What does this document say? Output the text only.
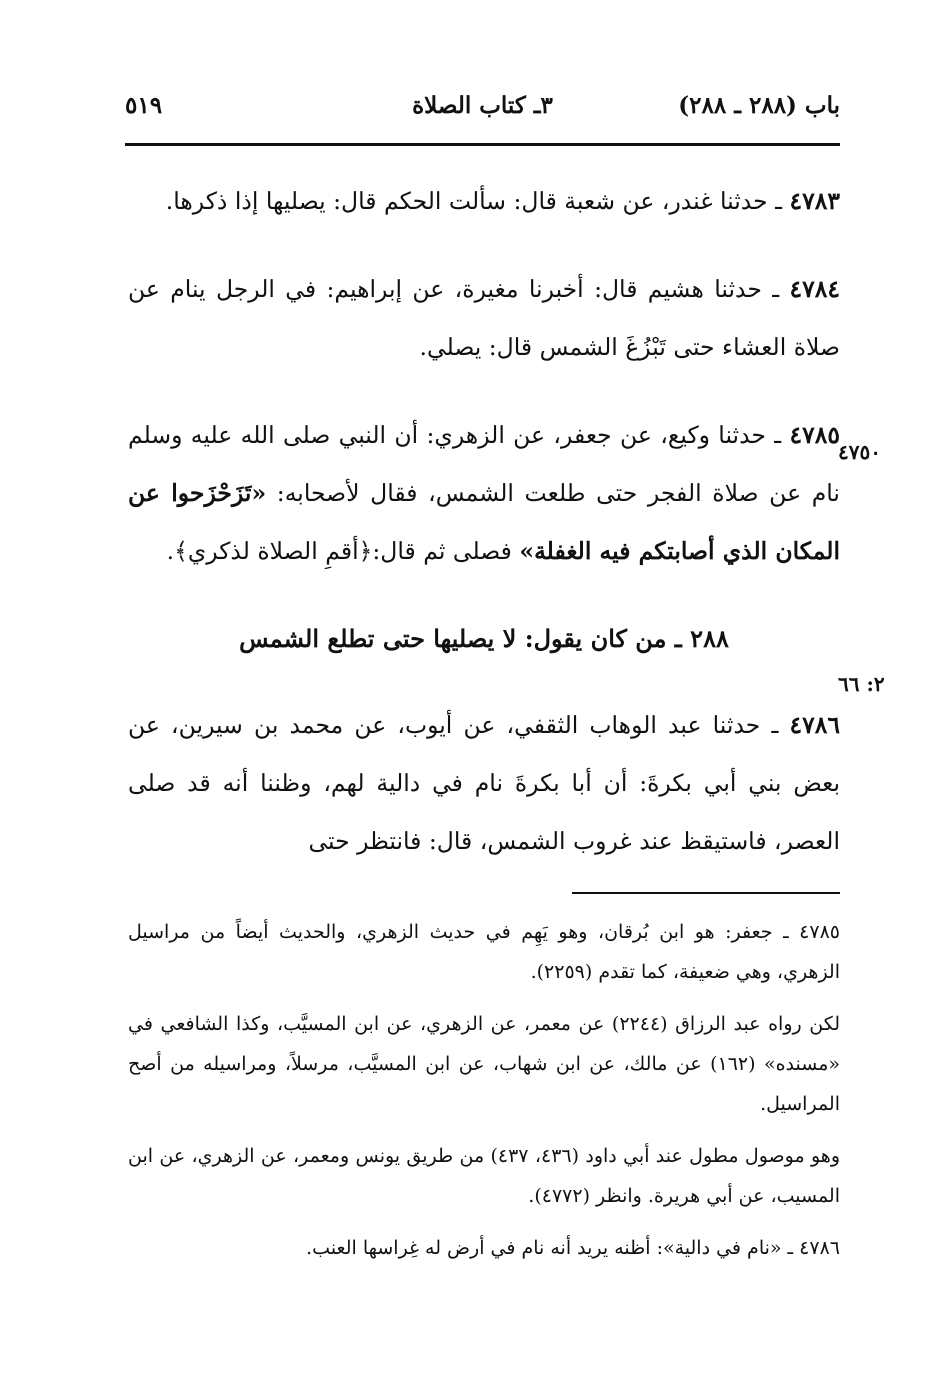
باب (٢٨٨ ـ ٢٨٨)
٣ـ كتاب الصلاة
٥١٩

٤٧٨٣ ـ حدثنا غندر، عن شعبة قال: سألت الحكم قال: يصليها إذا ذكرها.

٤٧٨٤ ـ حدثنا هشيم قال: أخبرنا مغيرة، عن إبراهيم: في الرجل ينام عن صلاة العشاء حتى تَبْزُغَ الشمس قال: يصلي.

٤٧٨٥ ـ حدثنا وكيع، عن جعفر، عن الزهري: أن النبي صلى الله عليه وسلم نام عن صلاة الفجر حتى طلعت الشمس، فقال لأصحابه: «تَزَحْزَحوا عن المكان الذي أصابتكم فيه الغفلة» فصلى ثم قال:﴿أقمِ الصلاة لذكري﴾.

٢٨٨ ـ من كان يقول: لا يصليها حتى تطلع الشمس

٤٧٨٦ ـ حدثنا عبد الوهاب الثقفي، عن أيوب، عن محمد بن سيرين، عن بعض بني أبي بكرةَ: أن أبا بكرةَ نام في دالية لهم، وظننا أنه قد صلى العصر، فاستيقظ عند غروب الشمس، قال: فانتظر حتى

٤٧٥٠
٢: ٦٦

٤٧٨٥ ـ جعفر: هو ابن بُرقان، وهو يَهِم في حديث الزهري، والحديث أيضاً من مراسيل الزهري، وهي ضعيفة، كما تقدم (٢٢٥٩).

لكن رواه عبد الرزاق (٢٢٤٤) عن معمر، عن الزهري، عن ابن المسيَّب، وكذا الشافعي في «مسنده» (١٦٢) عن مالك، عن ابن شهاب، عن ابن المسيَّب، مرسلاً، ومراسيله من أصح المراسيل.

وهو موصول مطول عند أبي داود (٤٣٦، ٤٣٧) من طريق يونس ومعمر، عن الزهري، عن ابن المسيب، عن أبي هريرة. وانظر (٤٧٧٢).

٤٧٨٦ ـ «نام في دالية»: أظنه يريد أنه نام في أرض له غِراسها العنب.
